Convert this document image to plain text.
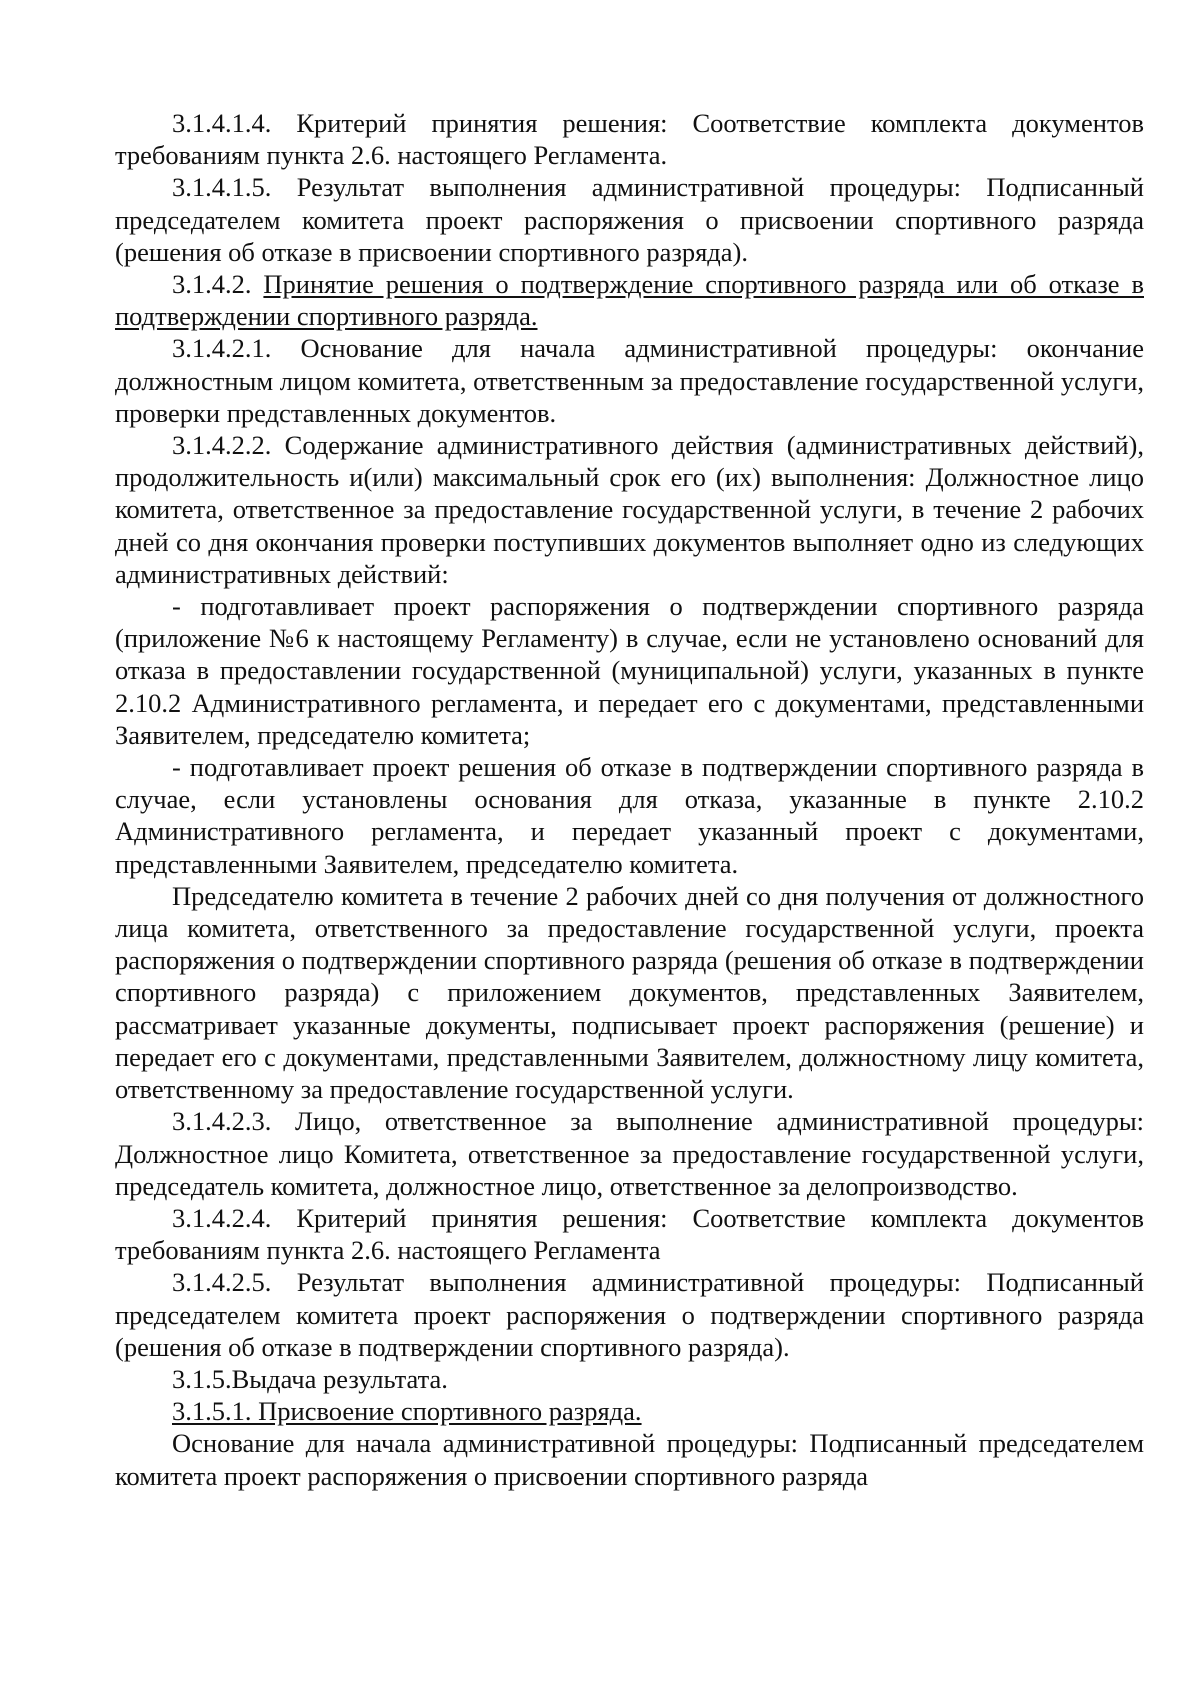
3.1.4.1.4. Критерий принятия решения: Соответствие комплекта документов требованиям пункта 2.6. настоящего Регламента.

3.1.4.1.5. Результат выполнения административной процедуры: Подписанный председателем комитета проект распоряжения о присвоении спортивного разряда (решения об отказе в присвоении спортивного разряда).

3.1.4.2. Принятие решения о подтверждение спортивного разряда или об отказе в подтверждении спортивного разряда.

3.1.4.2.1. Основание для начала административной процедуры: окончание должностным лицом комитета, ответственным за предоставление государственной услуги, проверки представленных документов.

3.1.4.2.2. Содержание административного действия (административных действий), продолжительность и(или) максимальный срок его (их) выполнения: Должностное лицо комитета, ответственное за предоставление государственной услуги, в течение 2 рабочих дней со дня окончания проверки поступивших документов выполняет одно из следующих административных действий:

- подготавливает проект распоряжения о подтверждении спортивного разряда (приложение №6 к настоящему Регламенту) в случае, если не установлено оснований для отказа в предоставлении государственной (муниципальной) услуги, указанных в пункте 2.10.2 Административного регламента, и передает его с документами, представленными Заявителем, председателю комитета;

- подготавливает проект решения об отказе в подтверждении спортивного разряда в случае, если установлены основания для отказа, указанные в пункте 2.10.2 Административного регламента, и передает указанный проект с документами, представленными Заявителем, председателю комитета.

Председателю комитета в течение 2 рабочих дней со дня получения от должностного лица комитета, ответственного за предоставление государственной услуги, проекта распоряжения о подтверждении спортивного разряда (решения об отказе в подтверждении спортивного разряда) с приложением документов, представленных Заявителем, рассматривает указанные документы, подписывает проект распоряжения (решение) и передает его с документами, представленными Заявителем, должностному лицу комитета, ответственному за предоставление государственной услуги.

3.1.4.2.3. Лицо, ответственное за выполнение административной процедуры: Должностное лицо Комитета, ответственное за предоставление государственной услуги, председатель комитета, должностное лицо, ответственное за делопроизводство.

3.1.4.2.4. Критерий принятия решения: Соответствие комплекта документов требованиям пункта 2.6. настоящего Регламента

3.1.4.2.5. Результат выполнения административной процедуры: Подписанный председателем комитета проект распоряжения о подтверждении спортивного разряда (решения об отказе в подтверждении спортивного разряда).

3.1.5.Выдача результата.

3.1.5.1. Присвоение спортивного разряда.

Основание для начала административной процедуры: Подписанный председателем комитета проект распоряжения о присвоении спортивного разряда
